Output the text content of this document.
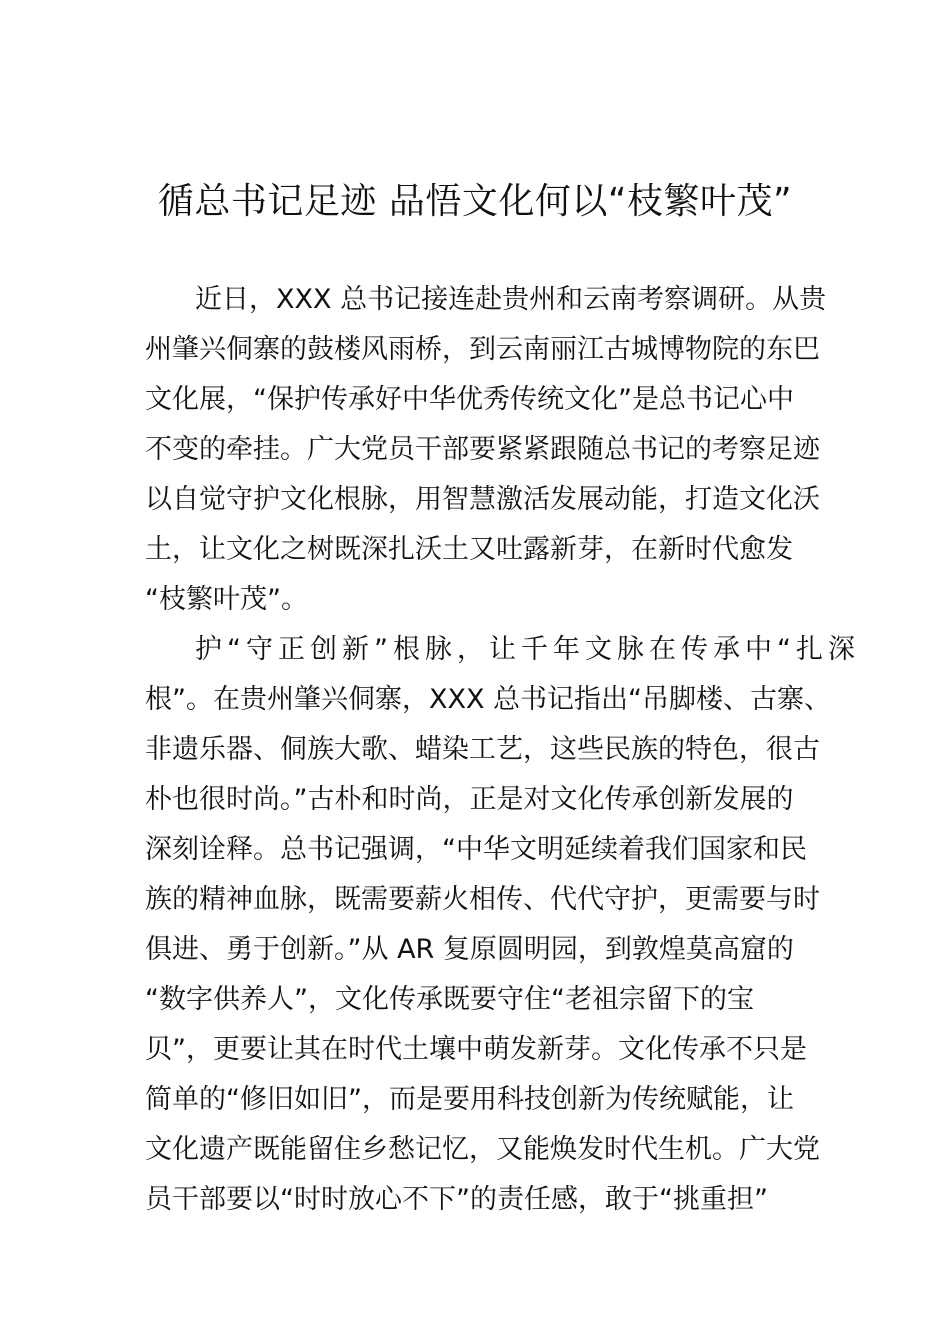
循总书记足迹 品悟文化何以“枝繁叶茂”

近日，XXX 总书记接连赴贵州和云南考察调研。从贵

州肇兴侗寨的鼓楼风雨桥，到云南丽江古城博物院的东巴

文化展，“保护传承好中华优秀传统文化”是总书记心中

不变的牵挂。广大党员干部要紧紧跟随总书记的考察足迹

以自觉守护文化根脉，用智慧激活发展动能，打造文化沃

土，让文化之树既深扎沃土又吐露新芽，在新时代愈发

“枝繁叶茂”。

护“守正创新”根脉，让千年文脉在传承中“扎深

根”。在贵州肇兴侗寨，XXX 总书记指出“吊脚楼、古寨、

非遗乐器、侗族大歌、蜡染工艺，这些民族的特色，很古

朴也很时尚。”古朴和时尚，正是对文化传承创新发展的

深刻诠释。总书记强调，“中华文明延续着我们国家和民

族的精神血脉，既需要薪火相传、代代守护，更需要与时

俱进、勇于创新。”从 AR 复原圆明园，到敦煌莫高窟的

“数字供养人”，文化传承既要守住“老祖宗留下的宝

贝”，更要让其在时代土壤中萌发新芽。文化传承不只是

简单的“修旧如旧”，而是要用科技创新为传统赋能，让

文化遗产既能留住乡愁记忆，又能焕发时代生机。广大党

员干部要以“时时放心不下”的责任感，敢于“挑重担”
